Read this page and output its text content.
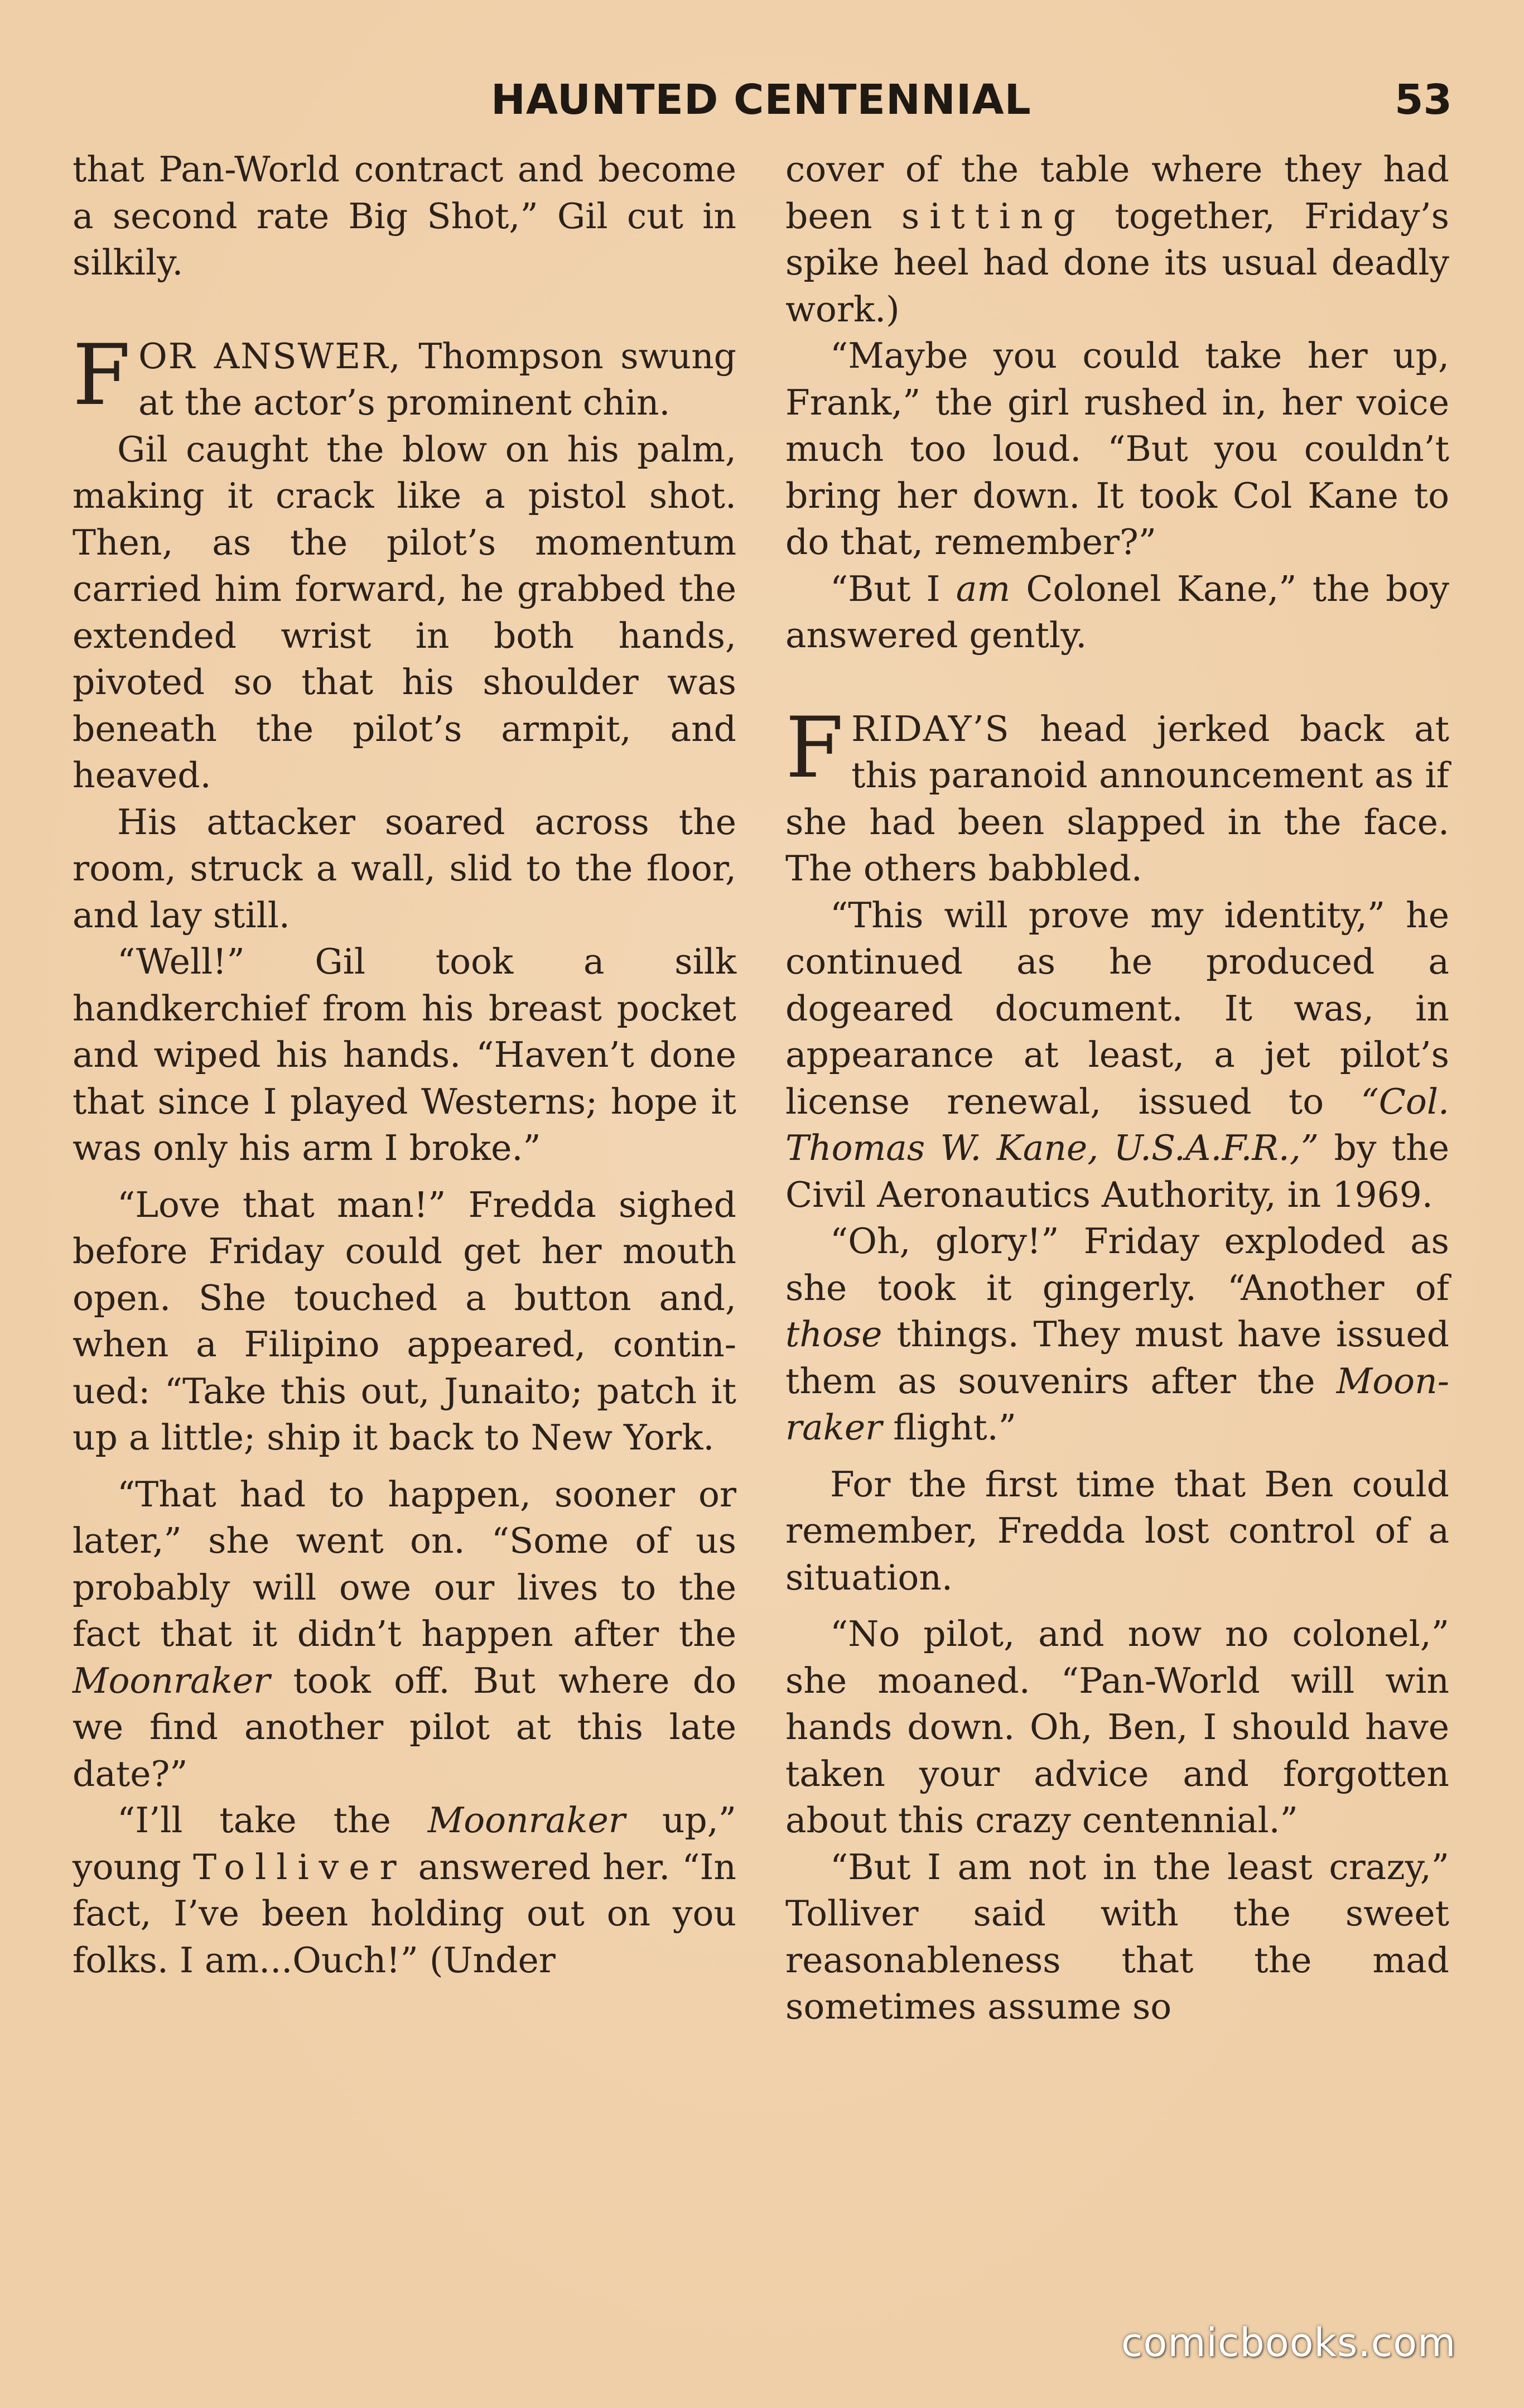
HAUNTED CENTENNIAL	53

that Pan-World contract and become a second rate Big Shot,” Gil cut in silkily.

FOR ANSWER, Thompson swung at the actor’s prominent chin.

Gil caught the blow on his palm, making it crack like a pistol shot. Then, as the pilot’s momentum carried him forward, he grabbed the extended wrist in both hands, pivoted so that his shoulder was beneath the pilot’s armpit, and heaved.

His attacker soared across the room, struck a wall, slid to the floor, and lay still.

“Well!” Gil took a silk handkerchief from his breast pocket and wiped his hands. “Haven’t done that since I played Westerns; hope it was only his arm I broke.”

“Love that man!” Fredda sighed before Friday could get her mouth open. She touched a button and, when a Filipino appeared, continued: “Take this out, Junaito; patch it up a little; ship it back to New York.

“That had to happen, sooner or later,” she went on. “Some of us probably will owe our lives to the fact that it didn’t happen after the Moonraker took off. But where do we find another pilot at this late date?”

“I’ll take the Moonraker up,” young Tolliver answered her. “In fact, I’ve been holding out on you folks. I am...Ouch!” (Under

cover of the table where they had been sitting together, Friday’s spike heel had done its usual deadly work.)

“Maybe you could take her up, Frank,” the girl rushed in, her voice much too loud. “But you couldn’t bring her down. It took Col Kane to do that, remember?”

“But I am Colonel Kane,” the boy answered gently.

FRIDAY’S head jerked back at this paranoid announcement as if she had been slapped in the face. The others babbled.

“This will prove my identity,” he continued as he produced a dogeared document. It was, in appearance at least, a jet pilot’s license renewal, issued to “Col. Thomas W. Kane, U.S.A.F.R.,” by the Civil Aeronautics Authority, in 1969.

“Oh, glory!” Friday exploded as she took it gingerly. “Another of those things. They must have issued them as souvenirs after the Moonraker flight.”

For the first time that Ben could remember, Fredda lost control of a situation.

“No pilot, and now no colonel,” she moaned. “Pan-World will win hands down. Oh, Ben, I should have taken your advice and forgotten about this crazy centennial.”

“But I am not in the least crazy,” Tolliver said with the sweet reasonableness that the mad sometimes assume so

comicbooks.com
